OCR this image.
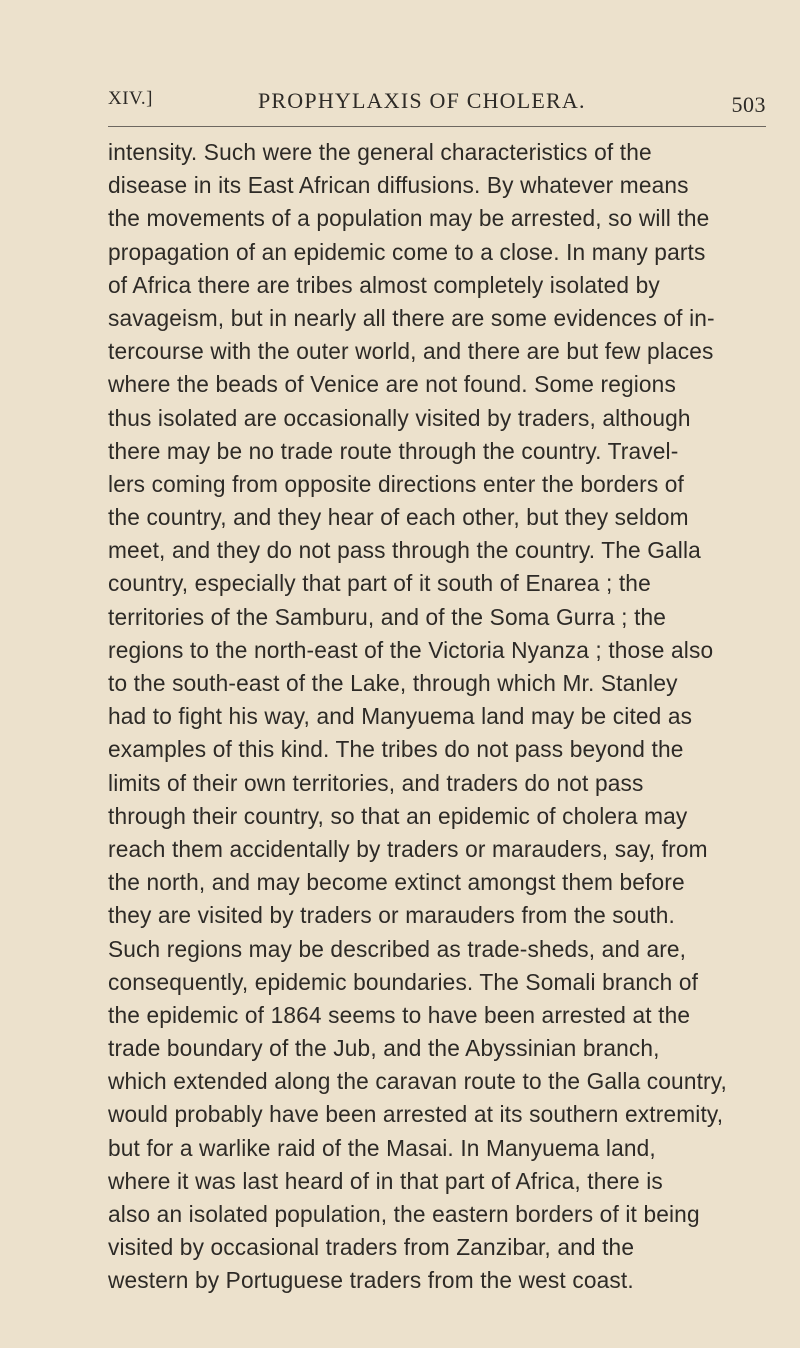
XIV.]	PROPHYLAXIS OF CHOLERA.	503
intensity. Such were the general characteristics of the
disease in its East African diffusions. By whatever means
the movements of a population may be arrested, so will the
propagation of an epidemic come to a close. In many parts
of Africa there are tribes almost completely isolated by
savageism, but in nearly all there are some evidences of in-
tercourse with the outer world, and there are but few places
where the beads of Venice are not found. Some regions
thus isolated are occasionally visited by traders, although
there may be no trade route through the country. Travel-
lers coming from opposite directions enter the borders of
the country, and they hear of each other, but they seldom
meet, and they do not pass through the country. The Galla
country, especially that part of it south of Enarea ; the
territories of the Samburu, and of the Soma Gurra ; the
regions to the north-east of the Victoria Nyanza ; those also
to the south-east of the Lake, through which Mr. Stanley
had to fight his way, and Manyuema land may be cited as
examples of this kind. The tribes do not pass beyond the
limits of their own territories, and traders do not pass
through their country, so that an epidemic of cholera may
reach them accidentally by traders or marauders, say, from
the north, and may become extinct amongst them before
they are visited by traders or marauders from the south.
Such regions may be described as trade-sheds, and are,
consequently, epidemic boundaries. The Somali branch of
the epidemic of 1864 seems to have been arrested at the
trade boundary of the Jub, and the Abyssinian branch,
which extended along the caravan route to the Galla country,
would probably have been arrested at its southern extremity,
but for a warlike raid of the Masai. In Manyuema land,
where it was last heard of in that part of Africa, there is
also an isolated population, the eastern borders of it being
visited by occasional traders from Zanzibar, and the
western by Portuguese traders from the west coast.
